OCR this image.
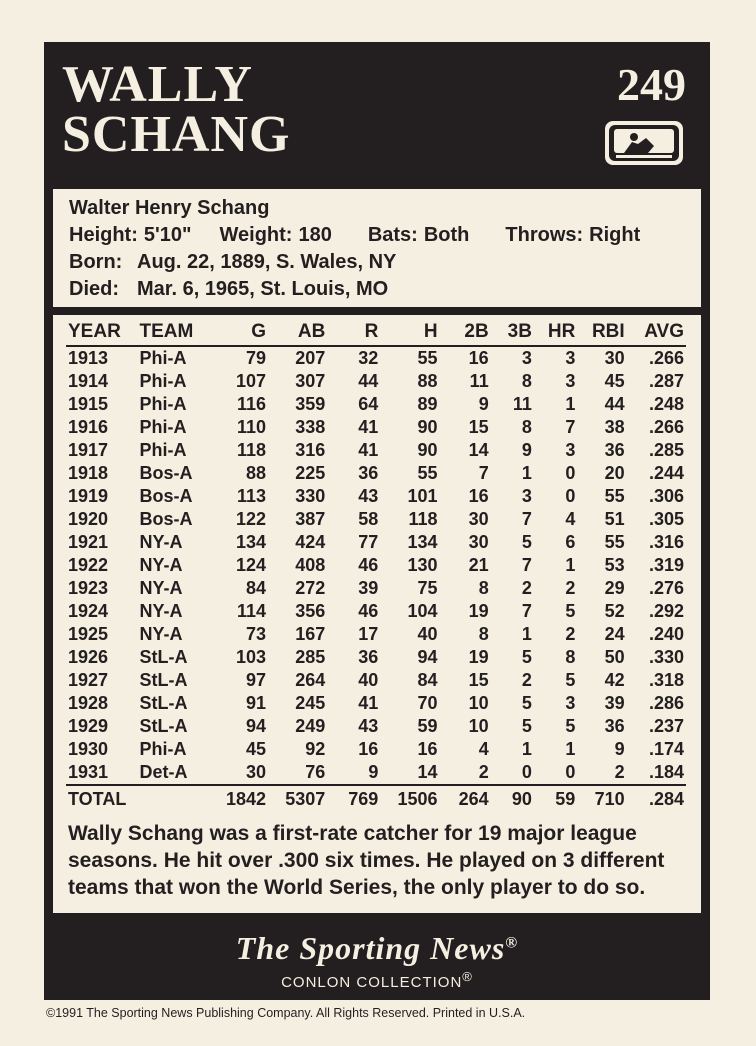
WALLY
SCHANG
249
Walter Henry Schang
Height: 5'10" Weight: 180 Bats: Both Throws: Right
Born: Aug. 22, 1889, S. Wales, NY
Died: Mar. 6, 1965, St. Louis, MO
YEAR	TEAM	G	AB	R	H	2B	3B	HR	RBI	AVG
1913	Phi-A	79	207	32	55	16	3	3	30	.266
1914	Phi-A	107	307	44	88	11	8	3	45	.287
1915	Phi-A	116	359	64	89	9	11	1	44	.248
1916	Phi-A	110	338	41	90	15	8	7	38	.266
1917	Phi-A	118	316	41	90	14	9	3	36	.285
1918	Bos-A	88	225	36	55	7	1	0	20	.244
1919	Bos-A	113	330	43	101	16	3	0	55	.306
1920	Bos-A	122	387	58	118	30	7	4	51	.305
1921	NY-A	134	424	77	134	30	5	6	55	.316
1922	NY-A	124	408	46	130	21	7	1	53	.319
1923	NY-A	84	272	39	75	8	2	2	29	.276
1924	NY-A	114	356	46	104	19	7	5	52	.292
1925	NY-A	73	167	17	40	8	1	2	24	.240
1926	StL-A	103	285	36	94	19	5	8	50	.330
1927	StL-A	97	264	40	84	15	2	5	42	.318
1928	StL-A	91	245	41	70	10	5	3	39	.286
1929	StL-A	94	249	43	59	10	5	5	36	.237
1930	Phi-A	45	92	16	16	4	1	1	9	.174
1931	Det-A	30	76	9	14	2	0	0	2	.184
TOTAL		1842	5307	769	1506	264	90	59	710	.284

Wally Schang was a first-rate catcher for 19 major league seasons. He hit over .300 six times. He played on 3 different teams that won the World Series, the only player to do so.

The Sporting News®
CONLON COLLECTION®
©1991 The Sporting News Publishing Company. All Rights Reserved. Printed in U.S.A.
